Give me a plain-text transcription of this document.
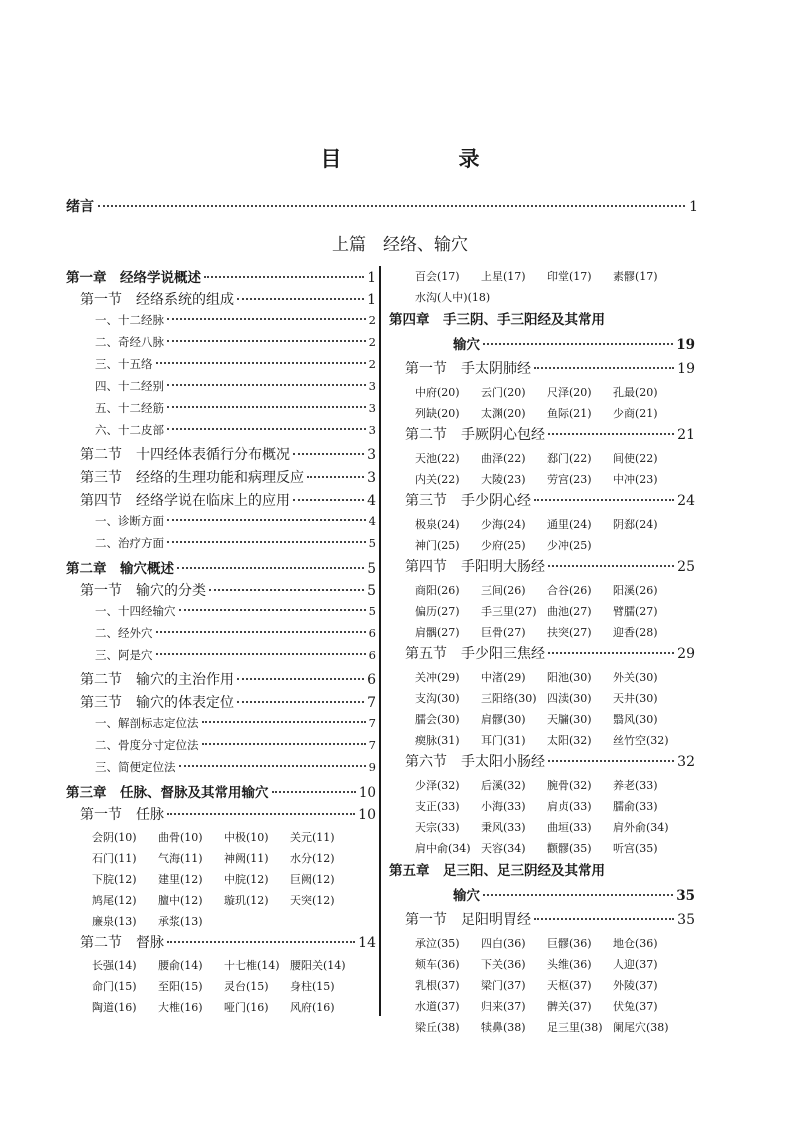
目　录
绪言	1
上篇　经络、输穴
第一章　经络学说概述	1
第一节　经络系统的组成	1
一、十二经脉	2
二、奇经八脉	2
三、十五络	2
四、十二经别	3
五、十二经筋	3
六、十二皮部	3
第二节　十四经体表循行分布概况	3
第三节　经络的生理功能和病理反应	3
第四节　经络学说在临床上的应用	4
一、诊断方面	4
二、治疗方面	5
第二章　输穴概述	5
第一节　输穴的分类	5
一、十四经输穴	5
二、经外穴	6
三、阿是穴	6
第二节　输穴的主治作用	6
第三节　输穴的体表定位	7
一、解剖标志定位法	7
二、骨度分寸定位法	7
三、简便定位法	9
第三章　任脉、督脉及其常用输穴	10
第一节　任脉	10
会阴(10)	曲骨(10)	中极(10)	关元(11)
石门(11)	气海(11)	神阙(11)	水分(12)
下脘(12)	建里(12)	中脘(12)	巨阙(12)
鸠尾(12)	膻中(12)	璇玑(12)	天突(12)
廉泉(13)	承浆(13)
第二节　督脉	14
长强(14)	腰俞(14)	十七椎(14) 腰阳关(14)
命门(15)	至阳(15)	灵台(15)	身柱(15)
陶道(16)	大椎(16)	哑门(16)	风府(16)
百会(17)	上星(17)	印堂(17)	素髎(17)
水沟(人中)(18)
第四章　手三阴、手三阳经及其常用
输穴	19
第一节　手太阴肺经	19
中府(20)	云门(20)	尺泽(20)	孔最(20)
列缺(20)	太渊(20)	鱼际(21)	少商(21)
第二节　手厥阴心包经	21
天池(22)	曲泽(22)	郄门(22)	间使(22)
内关(22)	大陵(23)	劳宫(23)	中冲(23)
第三节　手少阴心经	24
极泉(24)	少海(24)	通里(24)	阴郄(24)
神门(25)	少府(25)	少冲(25)
第四节　手阳明大肠经	25
商阳(26)	三间(26)	合谷(26)	阳溪(26)
偏历(27)	手三里(27) 曲池(27)	臂臑(27)
肩髃(27)	巨骨(27)	扶突(27)	迎香(28)
第五节　手少阳三焦经	29
关冲(29)	中渚(29)	阳池(30)	外关(30)
支沟(30)	三阳络(30) 四渎(30)	天井(30)
臑会(30)	肩髎(30)	天牖(30)	翳风(30)
瘈脉(31)	耳门(31)	太阳(32)	丝竹空(32)
第六节　手太阳小肠经	32
少泽(32)	后溪(32)	腕骨(32)	养老(33)
支正(33)	小海(33)	肩贞(33)	臑俞(33)
天宗(33)	秉风(33)	曲垣(33)	肩外俞(34)
肩中俞(34) 天容(34)	颧髎(35)	听宫(35)
第五章　足三阳、足三阴经及其常用
输穴	35
第一节　足阳明胃经	35
承泣(35)	四白(36)	巨髎(36)	地仓(36)
颊车(36)	下关(36)	头维(36)	人迎(37)
乳根(37)	梁门(37)	天枢(37)	外陵(37)
水道(37)	归来(37)	髀关(37)	伏兔(37)
梁丘(38)	犊鼻(38)	足三里(38) 阑尾穴(38)
